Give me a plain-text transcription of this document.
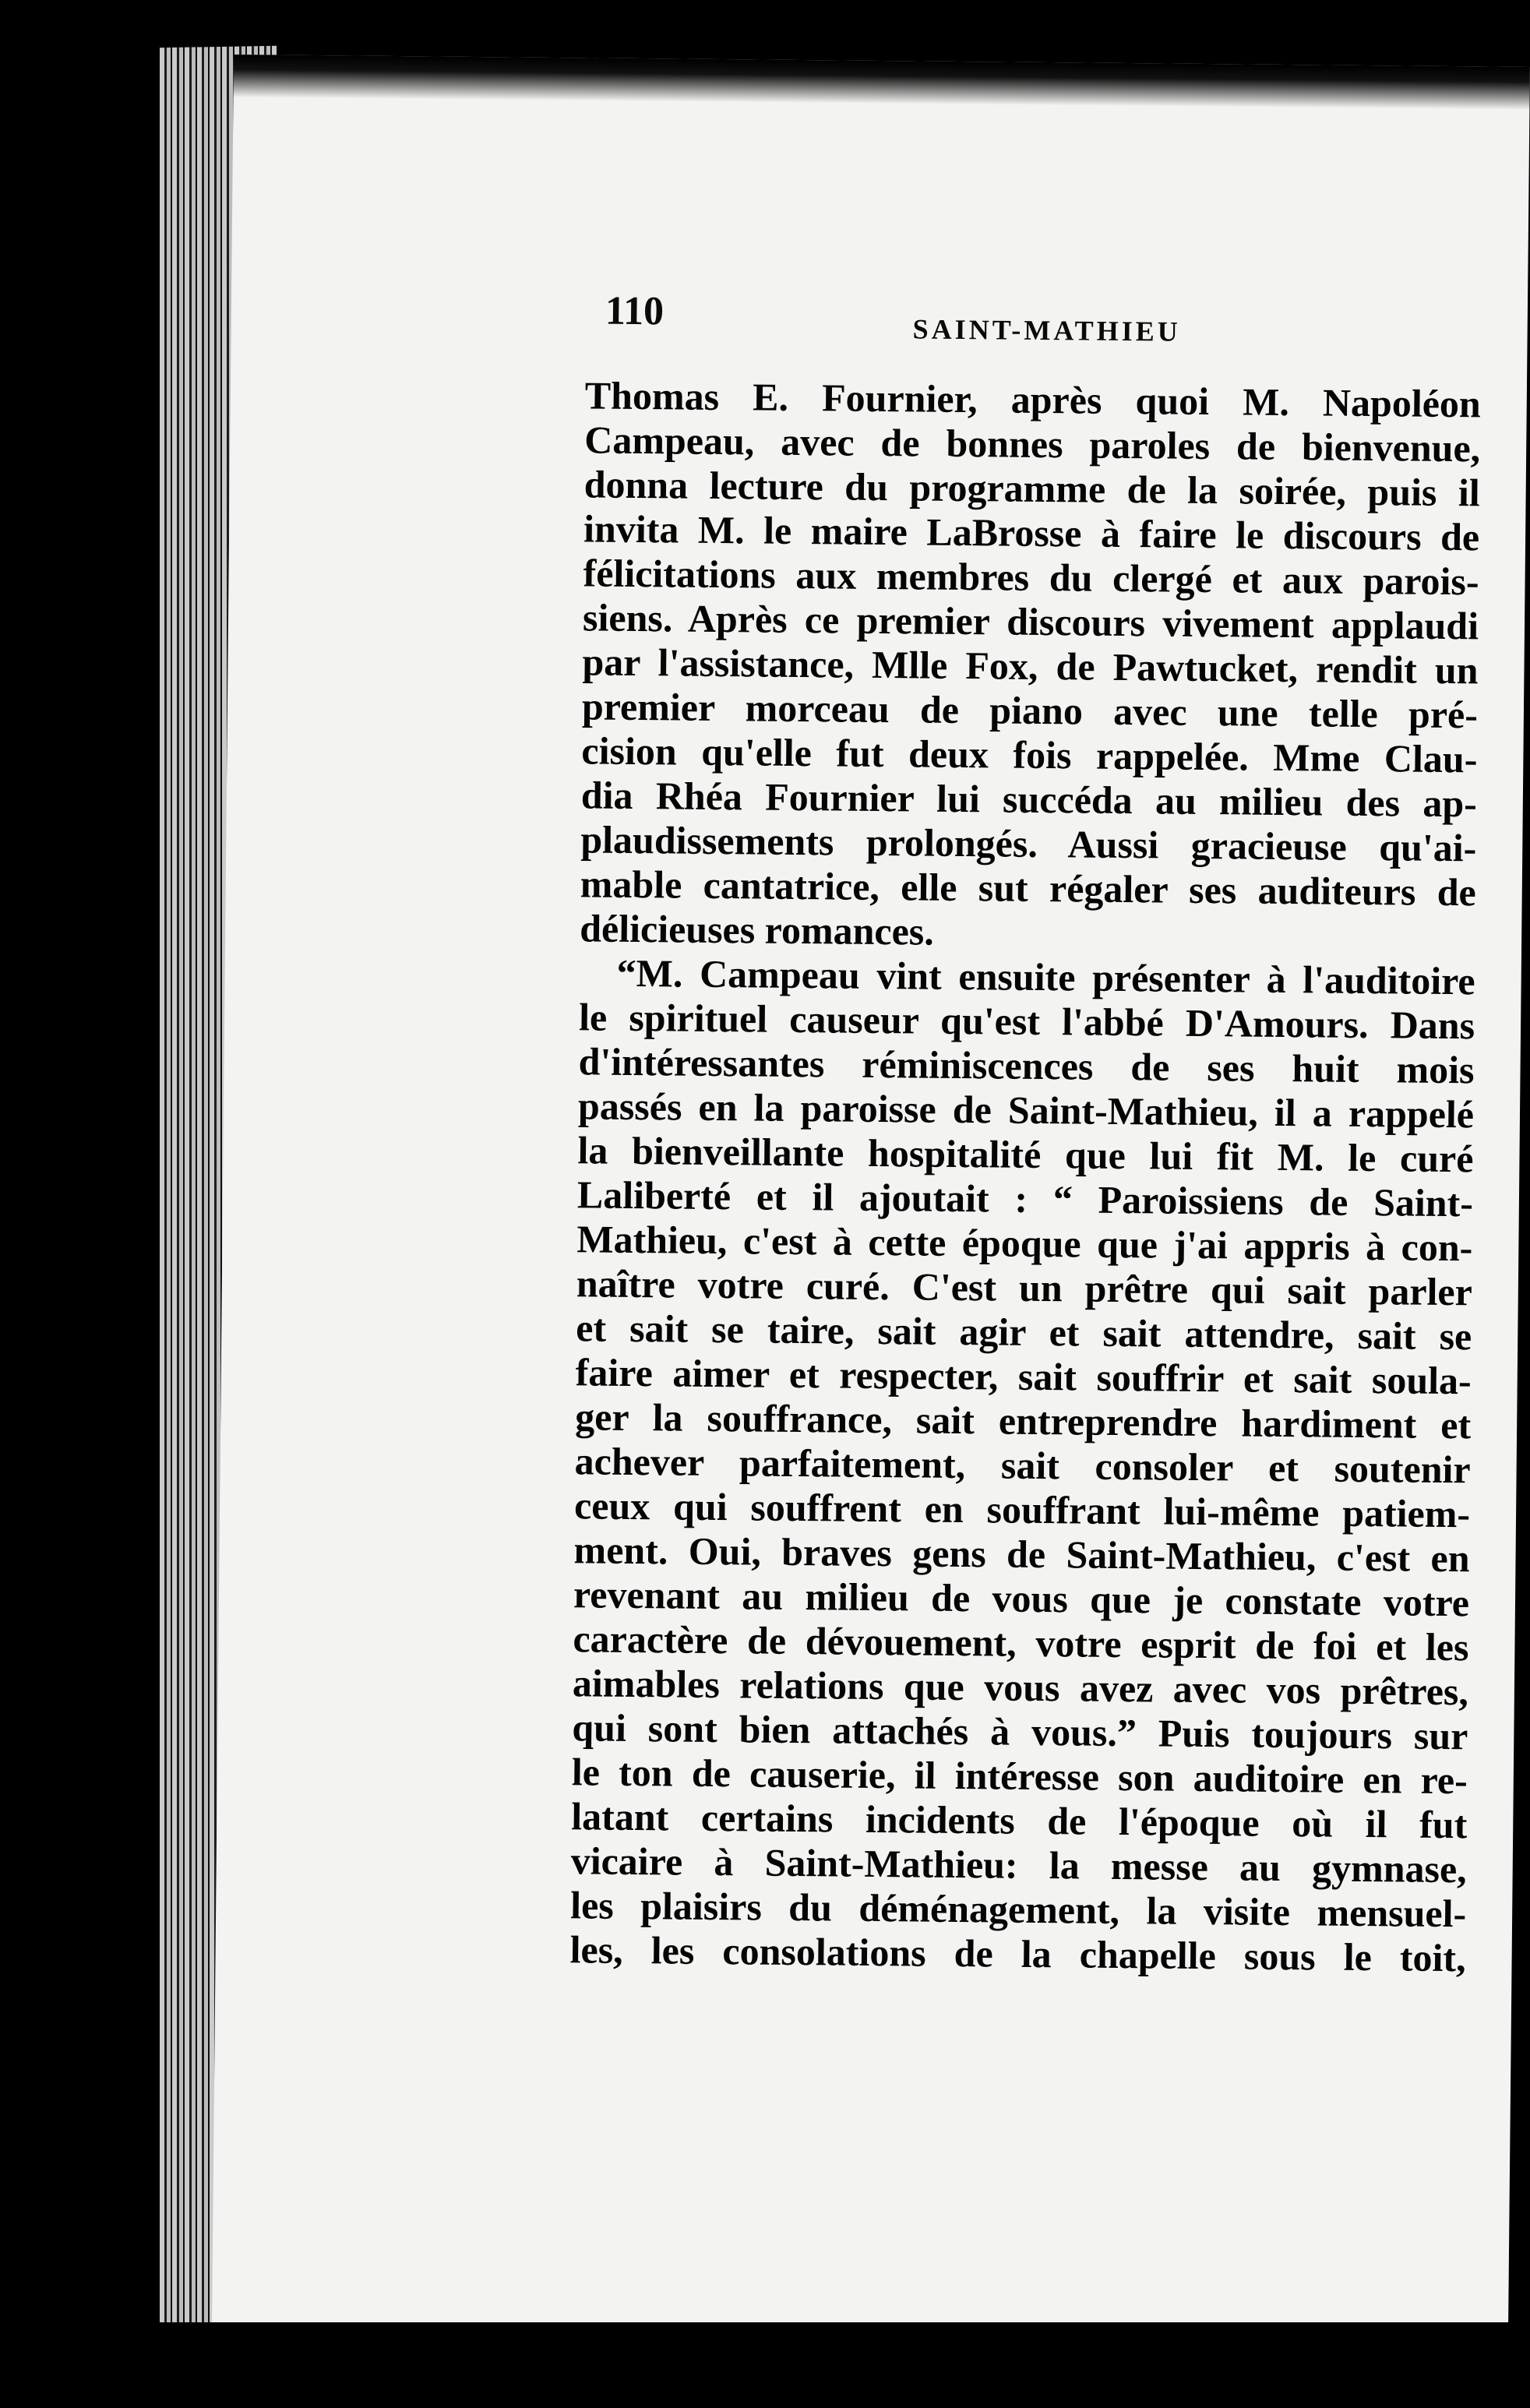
110	SAINT-MATHIEU
Thomas E. Fournier, après quoi M. Napoléon
Campeau, avec de bonnes paroles de bienvenue,
donna lecture du programme de la soirée, puis il
invita M. le maire LaBrosse à faire le discours de
félicitations aux membres du clergé et aux parois-
siens. Après ce premier discours vivement applaudi
par l'assistance, Mlle Fox, de Pawtucket, rendit un
premier morceau de piano avec une telle pré-
cision qu'elle fut deux fois rappelée. Mme Clau-
dia Rhéa Fournier lui succéda au milieu des ap-
plaudissements prolongés. Aussi gracieuse qu'ai-
mable cantatrice, elle sut régaler ses auditeurs de
délicieuses romances.
“M. Campeau vint ensuite présenter à l'auditoire
le spirituel causeur qu'est l'abbé D'Amours. Dans
d'intéressantes réminiscences de ses huit mois
passés en la paroisse de Saint-Mathieu, il a rappelé
la bienveillante hospitalité que lui fit M. le curé
Laliberté et il ajoutait : “ Paroissiens de Saint-
Mathieu, c'est à cette époque que j'ai appris à con-
naître votre curé. C'est un prêtre qui sait parler
et sait se taire, sait agir et sait attendre, sait se
faire aimer et respecter, sait souffrir et sait soula-
ger la souffrance, sait entreprendre hardiment et
achever parfaitement, sait consoler et soutenir
ceux qui souffrent en souffrant lui-même patiem-
ment. Oui, braves gens de Saint-Mathieu, c'est en
revenant au milieu de vous que je constate votre
caractère de dévouement, votre esprit de foi et les
aimables relations que vous avez avec vos prêtres,
qui sont bien attachés à vous.” Puis toujours sur
le ton de causerie, il intéresse son auditoire en re-
latant certains incidents de l'époque où il fut
vicaire à Saint-Mathieu: la messe au gymnase,
les plaisirs du déménagement, la visite mensuel-
les, les consolations de la chapelle sous le toit,
